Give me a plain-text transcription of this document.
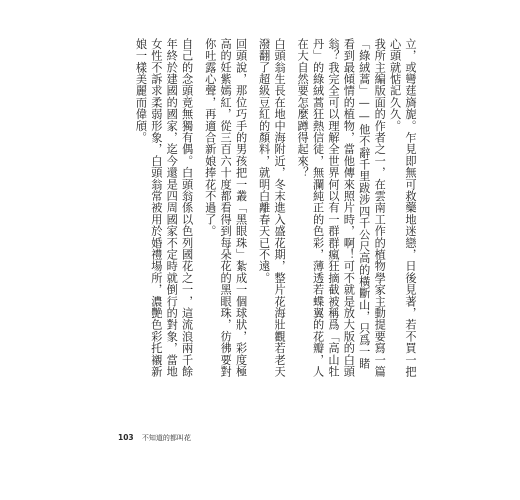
立，或彎莛旖旎。乍見即無可救藥地迷戀，日後見著，若不買一把心頭就惦記久久。

我所主編版面的作者之一，在雲南工作的植物學家主動提要寫一篇「綠絨蒿」——他不辭千里跋涉四千公尺高的橫斷山，只爲一睹看到最傾情的植物，當他傳來照片時，啊！可不就是放大版的白頭翁？我完全可以理解全世界何以有一群群瘋狂摘截被稱爲「高山牡丹」的綠絨蒿狂熱信徒，無瀾純正的色彩，薄透若蝶翼的花瓣，人在大自然要怎麼蹲得起來？

白頭翁生長在地中海附近，冬末進入盛花期，整片花海壯觀若老天潑翻了超級豆紅的顏料，就明白離春天已不遠。

回頭說，那位巧手的男孩把一叢「黑眼珠」紮成一個球狀，彩度極高的妊紫嫣紅，從三百六十度都看得到每朵花的黑眼珠，彷彿要對你吐露心聲，再適合新娘捧花不過了。

自己的念頭竟無獨有偶。白頭翁係以色列國花之一，這流浪兩千餘年終於建國的國家，迄今還是四周國家不定時就倒行的對象，當地女性不訴求柔弱形象，白頭翁常被用於婚禮場所，濃艷色彩托襯新娘一樣美麗而偉頎。

103 不知道的都叫花
